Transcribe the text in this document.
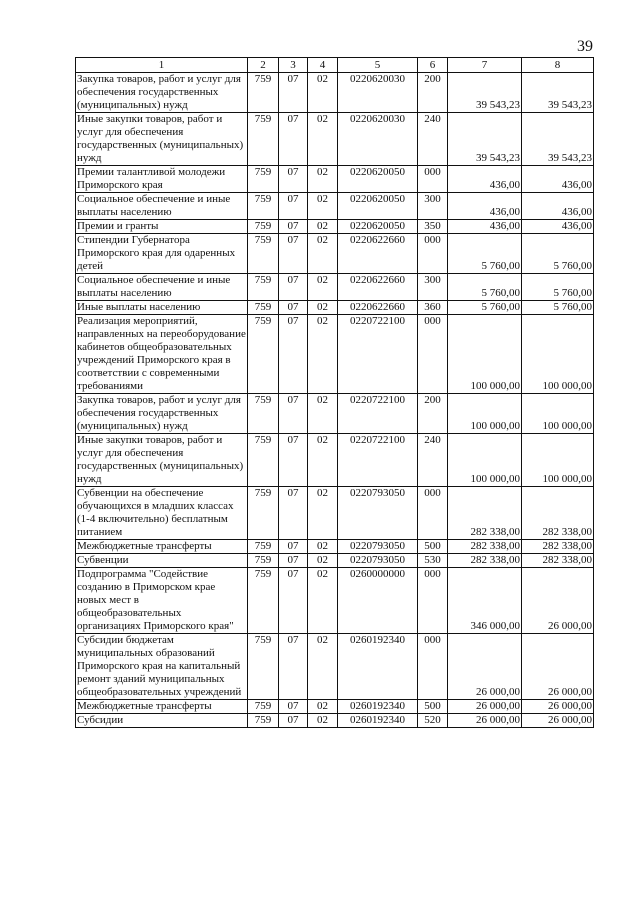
39
1	2	3	4	5	6	7	8
Закупка товаров, работ и услуг для обеспечения государственных (муниципальных) нужд	759	07	02	0220620030	200	39 543,23	39 543,23
Иные закупки товаров, работ и услуг для обеспечения государственных (муниципальных) нужд	759	07	02	0220620030	240	39 543,23	39 543,23
Премии талантливой молодежи Приморского края	759	07	02	0220620050	000	436,00	436,00
Социальное обеспечение и иные выплаты населению	759	07	02	0220620050	300	436,00	436,00
Премии и гранты	759	07	02	0220620050	350	436,00	436,00
Стипендии Губернатора Приморского края для одаренных детей	759	07	02	0220622660	000	5 760,00	5 760,00
Социальное обеспечение и иные выплаты населению	759	07	02	0220622660	300	5 760,00	5 760,00
Иные выплаты населению	759	07	02	0220622660	360	5 760,00	5 760,00
Реализация мероприятий, направленных на переоборудование кабинетов общеобразовательных учреждений Приморского края в соответствии с современными требованиями	759	07	02	0220722100	000	100 000,00	100 000,00
Закупка товаров, работ и услуг для обеспечения государственных (муниципальных) нужд	759	07	02	0220722100	200	100 000,00	100 000,00
Иные закупки товаров, работ и услуг для обеспечения государственных (муниципальных) нужд	759	07	02	0220722100	240	100 000,00	100 000,00
Субвенции на обеспечение обучающихся в младших классах (1-4 включительно) бесплатным питанием	759	07	02	0220793050	000	282 338,00	282 338,00
Межбюджетные трансферты	759	07	02	0220793050	500	282 338,00	282 338,00
Субвенции	759	07	02	0220793050	530	282 338,00	282 338,00
Подпрограмма "Содействие созданию в Приморском крае новых мест в общеобразовательных организациях Приморского края"	759	07	02	0260000000	000	346 000,00	26 000,00
Субсидии бюджетам муниципальных образований Приморского края на капитальный ремонт зданий муниципальных общеобразовательных учреждений	759	07	02	0260192340	000	26 000,00	26 000,00
Межбюджетные трансферты	759	07	02	0260192340	500	26 000,00	26 000,00
Субсидии	759	07	02	0260192340	520	26 000,00	26 000,00
